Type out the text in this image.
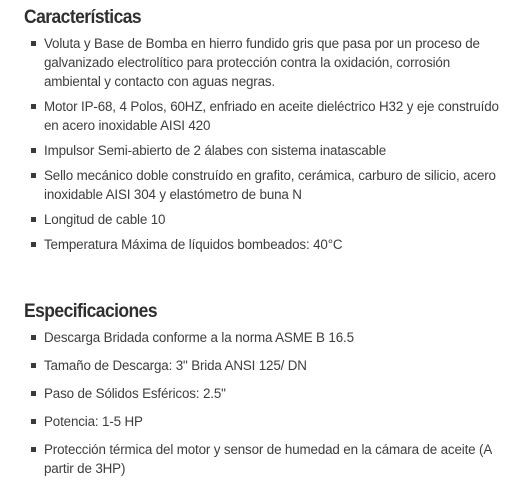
Características
Voluta y Base de Bomba en hierro fundido gris que pasa por un proceso de galvanizado electrolítico para protección contra la oxidación, corrosión ambiental y contacto con aguas negras.
Motor IP-68, 4 Polos, 60HZ, enfriado en aceite dieléctrico H32 y eje construído en acero inoxidable AISI 420
Impulsor Semi-abierto de 2 álabes con sistema inatascable
Sello mecánico doble construído en grafito, cerámica, carburo de silicio, acero inoxidable AISI 304 y elastómetro de buna N
Longitud de cable 10
Temperatura Máxima de líquidos bombeados: 40°C
Especificaciones
Descarga Bridada conforme a la norma ASME B 16.5
Tamaño de Descarga: 3" Brida ANSI 125/ DN
Paso de Sólidos Esféricos: 2.5"
Potencia: 1-5 HP
Protección térmica del motor y sensor de humedad en la cámara de aceite (A partir de 3HP)
